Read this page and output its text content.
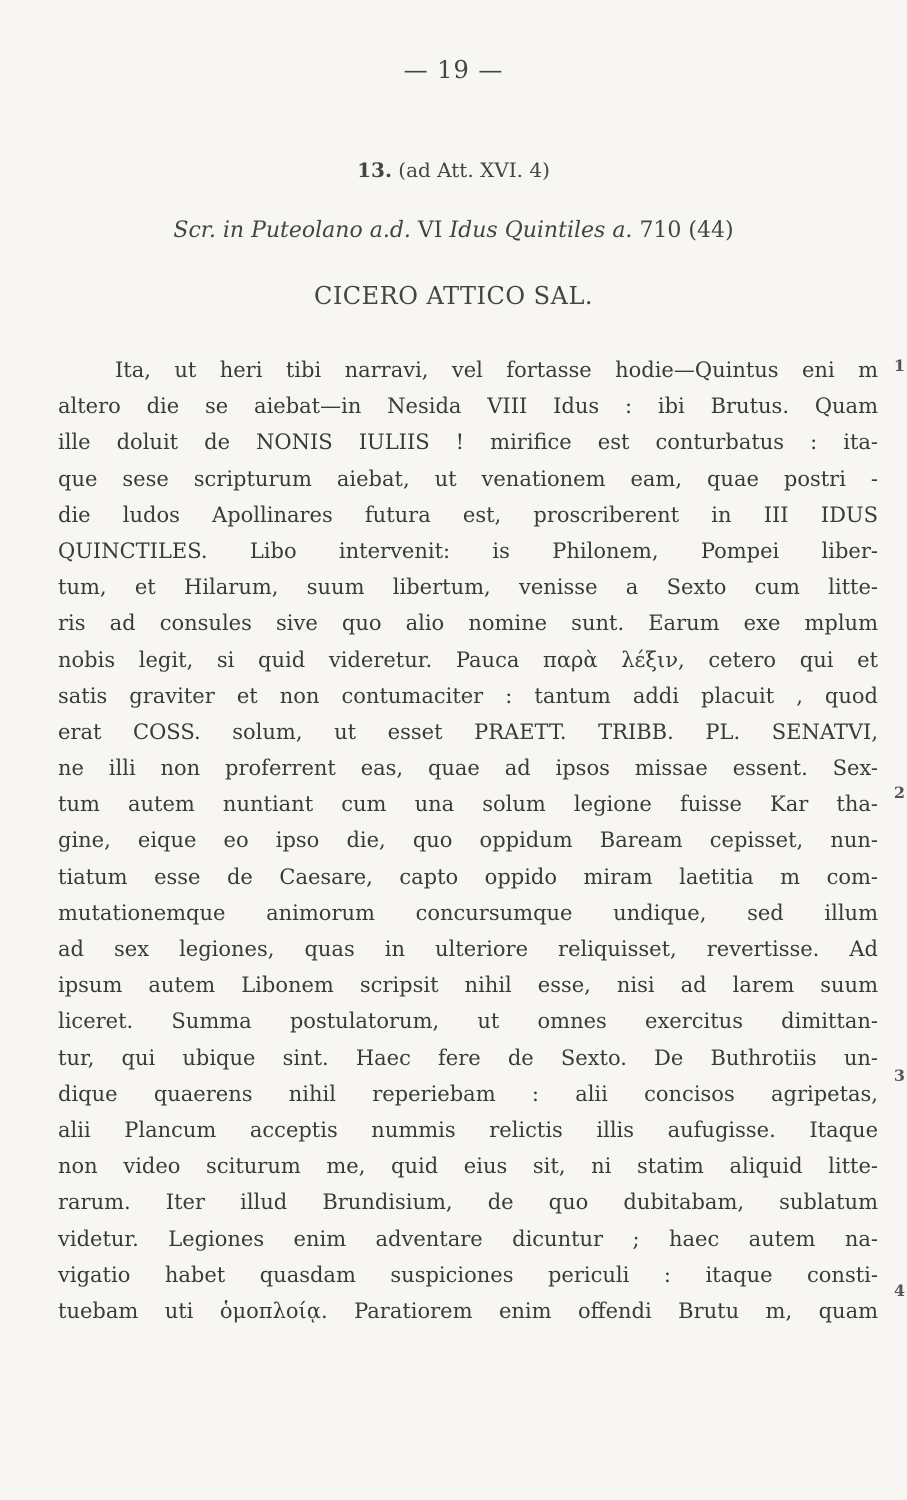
— 19 —
13. (ad Att. XVI. 4)
Scr. in Puteolano a.d. VI Idus Quintiles a. 710 (44)
CICERO ATTICO SAL.
Ita, ut heri tibi narravi, vel fortasse hodie—Quintus eni m
altero die se aiebat—in Nesida VIII Idus : ibi Brutus. Quam
ille doluit de NONIS IULIIS ! mirifice est conturbatus : ita-
que sese scripturum aiebat, ut venationem eam, quae postri -
die ludos Apollinares futura est, proscriberent in III IDUS
QUINCTILES. Libo intervenit: is Philonem, Pompei liber-
tum, et Hilarum, suum libertum, venisse a Sexto cum litte-
ris ad consules sive quo alio nomine sunt. Earum exe mplum
nobis legit, si quid videretur. Pauca παρὰ λέξιν, cetero qui et
satis graviter et non contumaciter : tantum addi placuit , quod
erat COSS. solum, ut esset PRAETT. TRIBB. PL. SENATVI,
ne illi non proferrent eas, quae ad ipsos missae essent. Sex-
tum autem nuntiant cum una solum legione fuisse Kar tha-
gine, eique eo ipso die, quo oppidum Baream cepisset, nun-
tiatum esse de Caesare, capto oppido miram laetitia m com-
mutationemque animorum concursumque undique, sed illum
ad sex legiones, quas in ulteriore reliquisset, revertisse. Ad
ipsum autem Libonem scripsit nihil esse, nisi ad larem suum
liceret. Summa postulatorum, ut omnes exercitus dimittan-
tur, qui ubique sint. Haec fere de Sexto. De Buthrotiis un-
dique quaerens nihil reperiebam : alii concisos agripetas,
alii Plancum acceptis nummis relictis illis aufugisse. Itaque
non video sciturum me, quid eius sit, ni statim aliquid litte-
rarum. Iter illud Brundisium, de quo dubitabam, sublatum
videtur. Legiones enim adventare dicuntur ; haec autem na-
vigatio habet quasdam suspiciones periculi : itaque consti-
tuebam uti ὁμοπλοίᾳ. Paratiorem enim offendi Brutu m, quam
1
2
3
4
